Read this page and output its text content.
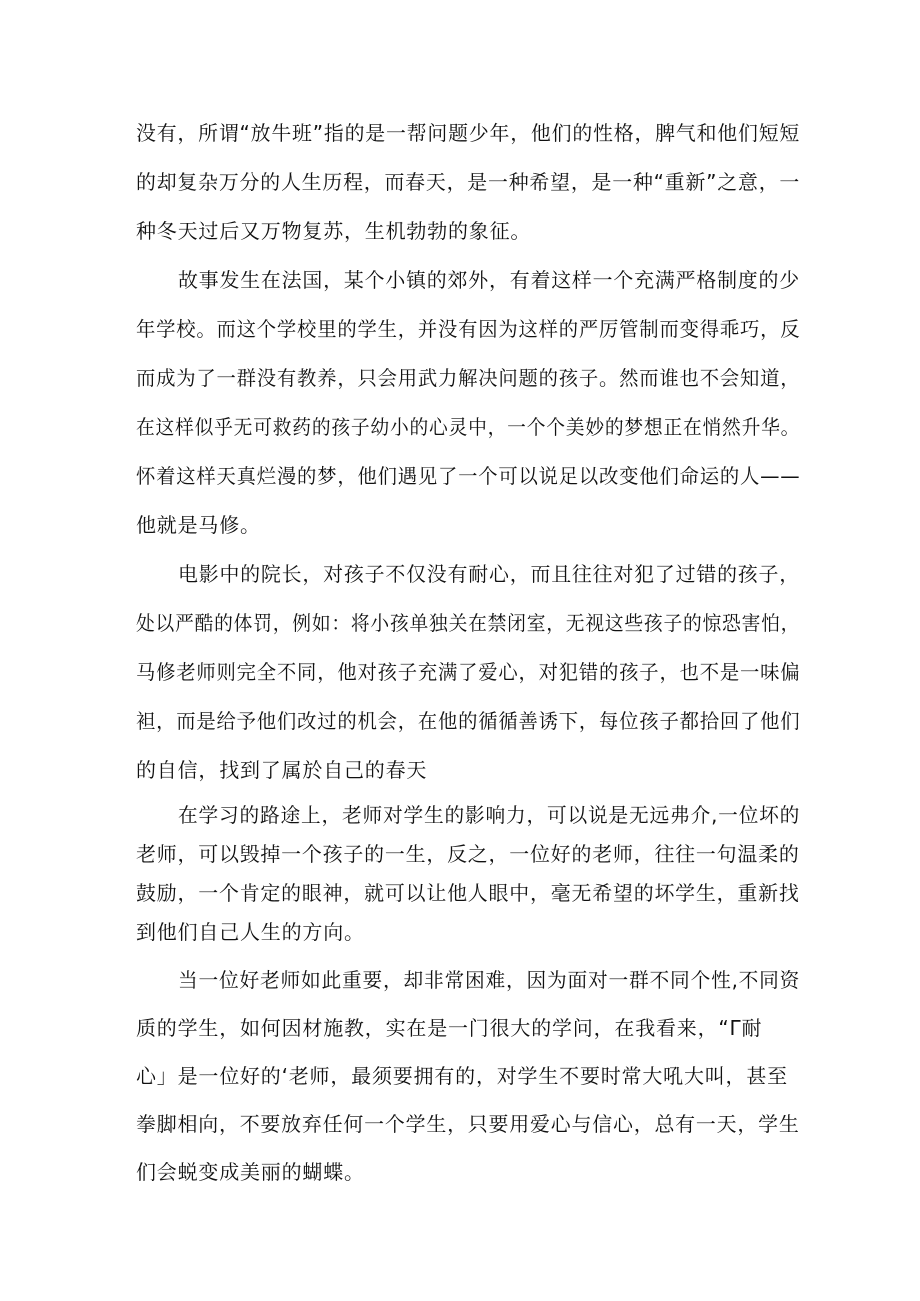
没有，所谓“放牛班”指的是一帮问题少年，他们的性格，脾气和他们短短
的却复杂万分的人生历程，而春天，是一种希望，是一种“重新”之意，一
种冬天过后又万物复苏，生机勃勃的象征。
故事发生在法国，某个小镇的郊外，有着这样一个充满严格制度的少
年学校。而这个学校里的学生，并没有因为这样的严厉管制而变得乖巧，反
而成为了一群没有教养，只会用武力解决问题的孩子。然而谁也不会知道，
在这样似乎无可救药的孩子幼小的心灵中，一个个美妙的梦想正在悄然升华。
怀着这样天真烂漫的梦，他们遇见了一个可以说足以改变他们命运的人——
他就是马修。
电影中的院长，对孩子不仅没有耐心，而且往往对犯了过错的孩子，
处以严酷的体罚，例如：将小孩单独关在禁闭室，无视这些孩子的惊恐害怕，
马修老师则完全不同，他对孩子充满了爱心，对犯错的孩子，也不是一味偏
袒，而是给予他们改过的机会，在他的循循善诱下，每位孩子都拾回了他们
的自信，找到了属於自己的春天
在学习的路途上，老师对学生的影响力，可以说是无远弗介,一位坏的
老师，可以毁掉一个孩子的一生，反之，一位好的老师，往往一句温柔的
鼓励，一个肯定的眼神，就可以让他人眼中，毫无希望的坏学生，重新找
到他们自己人生的方向。
当一位好老师如此重要，却非常困难，因为面对一群不同个性,不同资
质的学生，如何因材施教，实在是一门很大的学问，在我看来，“Γ耐
心」是一位好的‘老师，最须要拥有的，对学生不要时常大吼大叫，甚至
拳脚相向，不要放弃任何一个学生，只要用爱心与信心，总有一天，学生
们会蜕变成美丽的蝴蝶。
